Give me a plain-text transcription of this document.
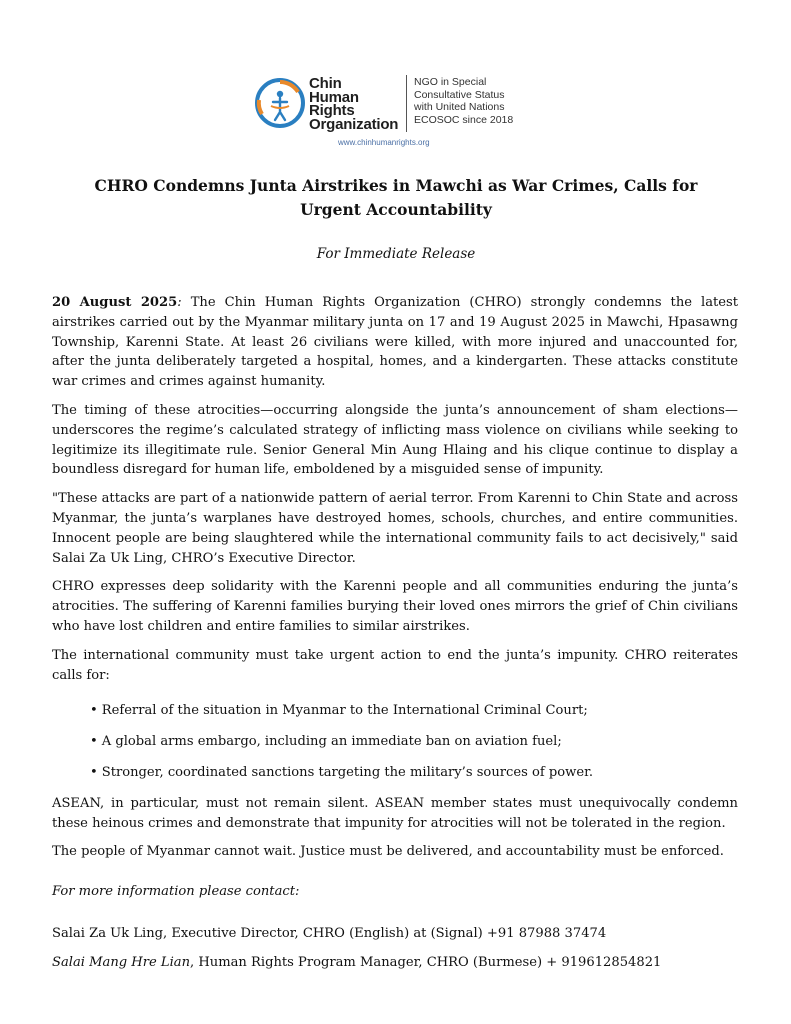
Chin
Human
Rights
Organization
NGO in Special
Consultative Status
with United Nations
ECOSOC since 2018
www.chinhumanrights.org
CHRO Condemns Junta Airstrikes in Mawchi as War Crimes, Calls for Urgent Accountability
For Immediate Release

20 August 2025: The Chin Human Rights Organization (CHRO) strongly condemns the latest airstrikes carried out by the Myanmar military junta on 17 and 19 August 2025 in Mawchi, Hpasawng Township, Karenni State. At least 26 civilians were killed, with more injured and unaccounted for, after the junta deliberately targeted a hospital, homes, and a kindergarten. These attacks constitute war crimes and crimes against humanity.

The timing of these atrocities—occurring alongside the junta’s announcement of sham elections—underscores the regime’s calculated strategy of inflicting mass violence on civilians while seeking to legitimize its illegitimate rule. Senior General Min Aung Hlaing and his clique continue to display a boundless disregard for human life, emboldened by a misguided sense of impunity.

"These attacks are part of a nationwide pattern of aerial terror. From Karenni to Chin State and across Myanmar, the junta’s warplanes have destroyed homes, schools, churches, and entire communities. Innocent people are being slaughtered while the international community fails to act decisively," said Salai Za Uk Ling, CHRO’s Executive Director.

CHRO expresses deep solidarity with the Karenni people and all communities enduring the junta’s atrocities. The suffering of Karenni families burying their loved ones mirrors the grief of Chin civilians who have lost children and entire families to similar airstrikes.

The international community must take urgent action to end the junta’s impunity. CHRO reiterates calls for:

• Referral of the situation in Myanmar to the International Criminal Court;
• A global arms embargo, including an immediate ban on aviation fuel;
• Stronger, coordinated sanctions targeting the military’s sources of power.

ASEAN, in particular, must not remain silent. ASEAN member states must unequivocally condemn these heinous crimes and demonstrate that impunity for atrocities will not be tolerated in the region.

The people of Myanmar cannot wait. Justice must be delivered, and accountability must be enforced.

For more information please contact:

Salai Za Uk Ling, Executive Director, CHRO (English) at (Signal) +91 87988 37474

Salai Mang Hre Lian, Human Rights Program Manager, CHRO (Burmese) + 919612854821
